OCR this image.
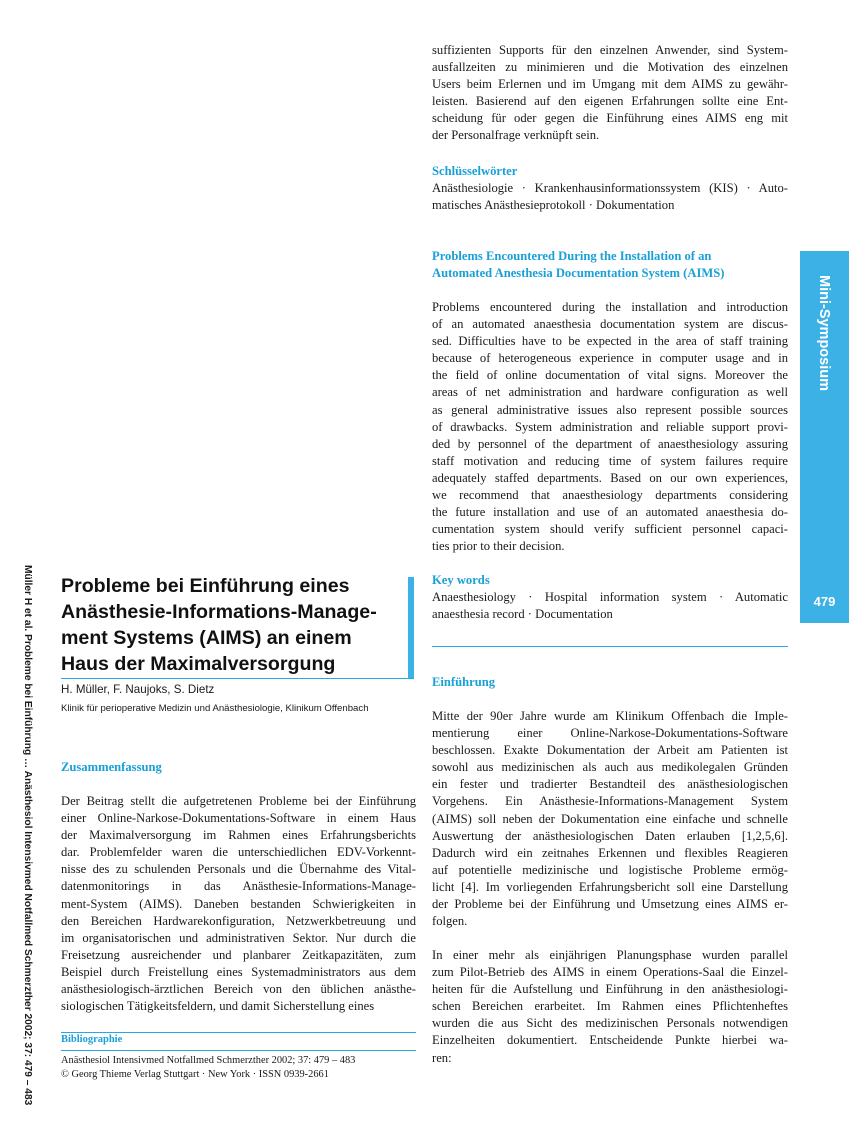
Mini-Symposium
479
Müller H et al. Probleme bei Einführung … Anästhesiol Intensivmed Notfallmed Schmerzther 2002; 37: 479 – 483
suffizienten Supports für den einzelnen Anwender, sind System-
ausfallzeiten zu minimieren und die Motivation des einzelnen
Users beim Erlernen und im Umgang mit dem AIMS zu gewähr-
leisten. Basierend auf den eigenen Erfahrungen sollte eine Ent-
scheidung für oder gegen die Einführung eines AIMS eng mit
der Personalfrage verknüpft sein.
Schlüsselwörter
Anästhesiologie · Krankenhausinformationssystem (KIS) · Auto-
matisches Anästhesieprotokoll · Dokumentation
Problems Encountered During the Installation of an
Automated Anesthesia Documentation System (AIMS)
Problems encountered during the installation and introduction
of an automated anaesthesia documentation system are discus-
sed. Difficulties have to be expected in the area of staff training
because of heterogeneous experience in computer usage and in
the field of online documentation of vital signs. Moreover the
areas of net administration and hardware configuration as well
as general administrative issues also represent possible sources
of drawbacks. System administration and reliable support provi-
ded by personnel of the department of anaesthesiology assuring
staff motivation and reducing time of system failures require
adequately staffed departments. Based on our own experiences,
we recommend that anaesthesiology departments considering
the future installation and use of an automated anaesthesia do-
cumentation system should verify sufficient personnel capaci-
ties prior to their decision.
Key words
Anaesthesiology · Hospital information system · Automatic
anaesthesia record · Documentation
Einführung
Mitte der 90er Jahre wurde am Klinikum Offenbach die Imple-
mentierung einer Online-Narkose-Dokumentations-Software
beschlossen. Exakte Dokumentation der Arbeit am Patienten ist
sowohl aus medizinischen als auch aus medikolegalen Gründen
ein fester und tradierter Bestandteil des anästhesiologischen
Vorgehens. Ein Anästhesie-Informations-Management System
(AIMS) soll neben der Dokumentation eine einfache und schnelle
Auswertung der anästhesiologischen Daten erlauben [1,2,5,6].
Dadurch wird ein zeitnahes Erkennen und flexibles Reagieren
auf potentielle medizinische und logistische Probleme ermög-
licht [4]. Im vorliegenden Erfahrungsbericht soll eine Darstellung
der Probleme bei der Einführung und Umsetzung eines AIMS er-
folgen.
In einer mehr als einjährigen Planungsphase wurden parallel
zum Pilot-Betrieb des AIMS in einem Operations-Saal die Einzel-
heiten für die Aufstellung und Einführung in den anästhesiologi-
schen Bereichen erarbeitet. Im Rahmen eines Pflichtenheftes
wurden die aus Sicht des medizinischen Personals notwendigen
Einzelheiten dokumentiert. Entscheidende Punkte hierbei wa-
ren:
Probleme bei Einführung eines
Anästhesie-Informations-Manage-
ment Systems (AIMS) an einem
Haus der Maximalversorgung
H. Müller, F. Naujoks, S. Dietz
Klinik für perioperative Medizin und Anästhesiologie, Klinikum Offenbach
Zusammenfassung
Der Beitrag stellt die aufgetretenen Probleme bei der Einführung
einer Online-Narkose-Dokumentations-Software in einem Haus
der Maximalversorgung im Rahmen eines Erfahrungsberichts
dar. Problemfelder waren die unterschiedlichen EDV-Vorkennt-
nisse des zu schulenden Personals und die Übernahme des Vital-
datenmonitorings in das Anästhesie-Informations-Manage-
ment-System (AIMS). Daneben bestanden Schwierigkeiten in
den Bereichen Hardwarekonfiguration, Netzwerkbetreuung und
im organisatorischen und administrativen Sektor. Nur durch die
Freisetzung ausreichender und planbarer Zeitkapazitäten, zum
Beispiel durch Freistellung eines Systemadministrators aus dem
anästhesiologisch-ärztlichen Bereich von den üblichen anästhe-
siologischen Tätigkeitsfeldern, und damit Sicherstellung eines
Bibliographie
Anästhesiol Intensivmed Notfallmed Schmerzther 2002; 37: 479 – 483
© Georg Thieme Verlag Stuttgart · New York · ISSN 0939-2661
